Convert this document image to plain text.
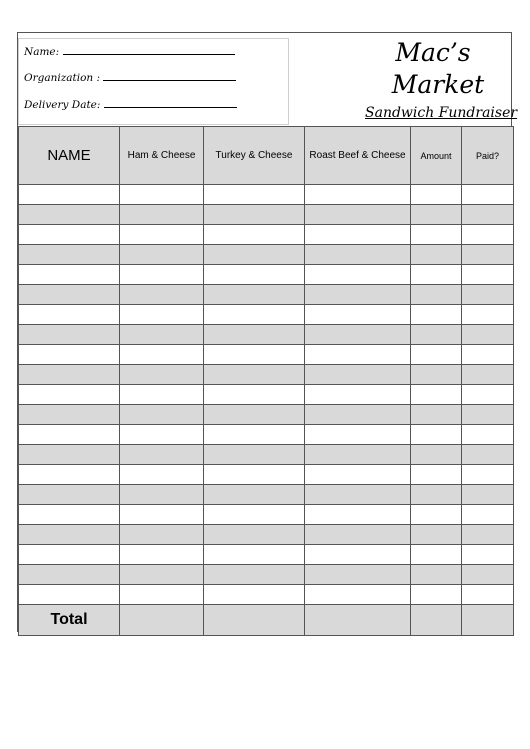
Name:
Organization :
Delivery Date:
Mac’s
Market
Sandwich Fundraiser
NAME	Ham & Cheese	Turkey & Cheese	Roast Beef & Cheese	Amount	Paid?

Total					
